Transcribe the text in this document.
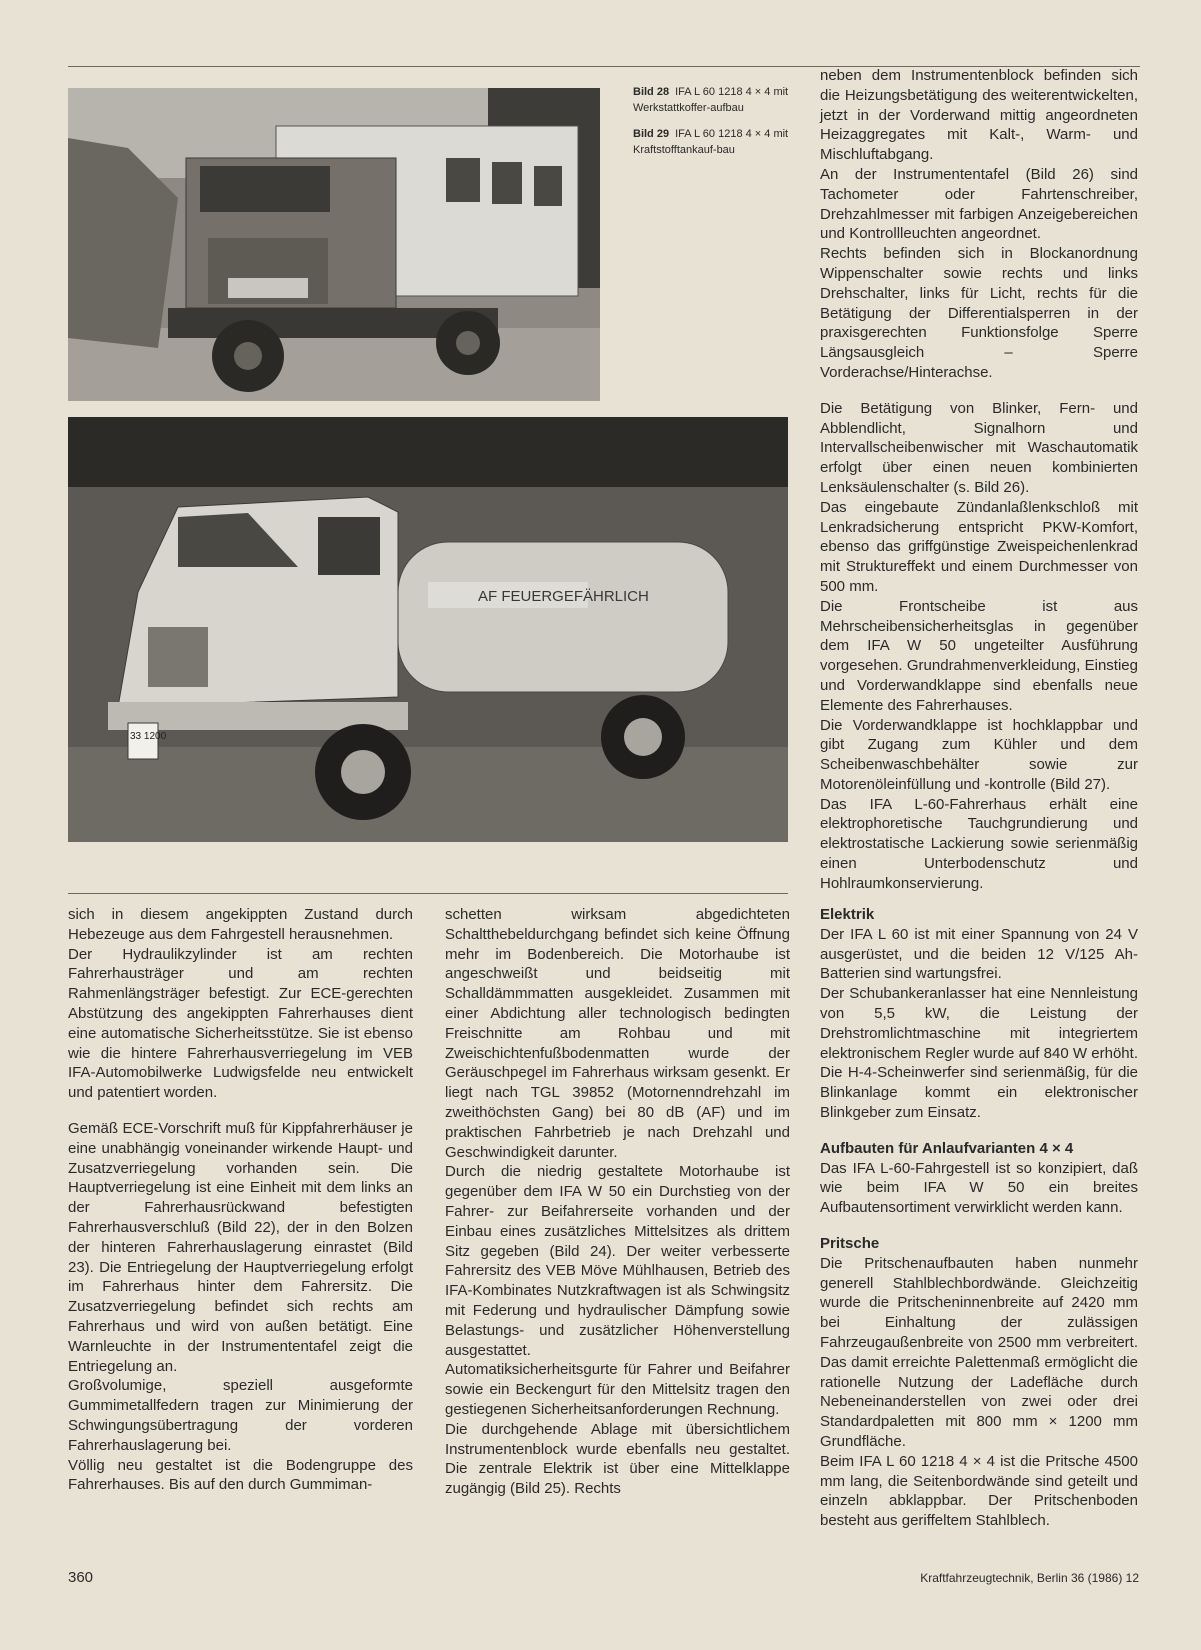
Bild 28 IFA L 60 1218 4 × 4 mit Werkstattkoffer-aufbau
Bild 29 IFA L 60 1218 4 × 4 mit Kraftstofftankauf-bau
AF FEUERGEFÄHRLICH
33 1200

neben dem Instrumentenblock befinden sich die Heizungsbetätigung des weiterentwickelten, jetzt in der Vorderwand mittig angeordneten Heizaggregates mit Kalt-, Warm- und Mischluftabgang.

An der Instrumententafel (Bild 26) sind Tachometer oder Fahrtenschreiber, Drehzahlmesser mit farbigen Anzeigebereichen und Kontrollleuchten angeordnet.

Rechts befinden sich in Blockanordnung Wippenschalter sowie rechts und links Drehschalter, links für Licht, rechts für die Betätigung der Differentialsperren in der praxisgerechten Funktionsfolge Sperre Längsausgleich – Sperre Vorderachse/Hinterachse.

Die Betätigung von Blinker, Fern- und Abblendlicht, Signalhorn und Intervallscheibenwischer mit Waschautomatik erfolgt über einen neuen kombinierten Lenksäulenschalter (s. Bild 26).

Das eingebaute Zündanlaßlenkschloß mit Lenkradsicherung entspricht PKW-Komfort, ebenso das griffgünstige Zweispeichenlenkrad mit Struktureffekt und einem Durchmesser von 500 mm.

Die Frontscheibe ist aus Mehrscheibensicherheitsglas in gegenüber dem IFA W 50 ungeteilter Ausführung vorgesehen. Grundrahmenverkleidung, Einstieg und Vorderwandklappe sind ebenfalls neue Elemente des Fahrerhauses.

Die Vorderwandklappe ist hochklappbar und gibt Zugang zum Kühler und dem Scheibenwaschbehälter sowie zur Motorenöleinfüllung und -kontrolle (Bild 27).

Das IFA L-60-Fahrerhaus erhält eine elektrophoretische Tauchgrundierung und elektrostatische Lackierung sowie serienmäßig einen Unterbodenschutz und Hohlraumkonservierung.

sich in diesem angekippten Zustand durch Hebezeuge aus dem Fahrgestell herausnehmen.

Der Hydraulikzylinder ist am rechten Fahrerhausträger und am rechten Rahmenlängsträger befestigt. Zur ECE-gerechten Abstützung des angekippten Fahrerhauses dient eine automatische Sicherheitsstütze. Sie ist ebenso wie die hintere Fahrerhausverriegelung im VEB IFA-Automobilwerke Ludwigsfelde neu entwickelt und patentiert worden.

Gemäß ECE-Vorschrift muß für Kippfahrerhäuser je eine unabhängig voneinander wirkende Haupt- und Zusatzverriegelung vorhanden sein. Die Hauptverriegelung ist eine Einheit mit dem links an der Fahrerhausrückwand befestigten Fahrerhausverschluß (Bild 22), der in den Bolzen der hinteren Fahrerhauslagerung einrastet (Bild 23). Die Entriegelung der Hauptverriegelung erfolgt im Fahrerhaus hinter dem Fahrersitz. Die Zusatzverriegelung befindet sich rechts am Fahrerhaus und wird von außen betätigt. Eine Warnleuchte in der Instrumententafel zeigt die Entriegelung an.

Großvolumige, speziell ausgeformte Gummimetallfedern tragen zur Minimierung der Schwingungsübertragung der vorderen Fahrerhauslagerung bei.

Völlig neu gestaltet ist die Bodengruppe des Fahrerhauses. Bis auf den durch Gummiman-

schetten wirksam abgedichteten Schaltthebeldurchgang befindet sich keine Öffnung mehr im Bodenbereich. Die Motorhaube ist angeschweißt und beidseitig mit Schalldämmmatten ausgekleidet. Zusammen mit einer Abdichtung aller technologisch bedingten Freischnitte am Rohbau und mit Zweischichtenfußbodenmatten wurde der Geräuschpegel im Fahrerhaus wirksam gesenkt. Er liegt nach TGL 39852 (Motornenndrehzahl im zweithöchsten Gang) bei 80 dB (AF) und im praktischen Fahrbetrieb je nach Drehzahl und Geschwindigkeit darunter.

Durch die niedrig gestaltete Motorhaube ist gegenüber dem IFA W 50 ein Durchstieg von der Fahrer- zur Beifahrerseite vorhanden und der Einbau eines zusätzliches Mittelsitzes als drittem Sitz gegeben (Bild 24). Der weiter verbesserte Fahrersitz des VEB Möve Mühlhausen, Betrieb des IFA-Kombinates Nutzkraftwagen ist als Schwingsitz mit Federung und hydraulischer Dämpfung sowie Belastungs- und zusätzlicher Höhenverstellung ausgestattet.

Automatiksicherheitsgurte für Fahrer und Beifahrer sowie ein Beckengurt für den Mittelsitz tragen den gestiegenen Sicherheitsanforderungen Rechnung.

Die durchgehende Ablage mit übersichtlichem Instrumentenblock wurde ebenfalls neu gestaltet. Die zentrale Elektrik ist über eine Mittelklappe zugängig (Bild 25). Rechts

Elektrik

Der IFA L 60 ist mit einer Spannung von 24 V ausgerüstet, und die beiden 12 V/125 Ah-Batterien sind wartungsfrei.

Der Schubankeranlasser hat eine Nennleistung von 5,5 kW, die Leistung der Drehstromlichtmaschine mit integriertem elektronischem Regler wurde auf 840 W erhöht. Die H-4-Scheinwerfer sind serienmäßig, für die Blinkanlage kommt ein elektronischer Blinkgeber zum Einsatz.

Aufbauten für Anlaufvarianten 4 × 4

Das IFA L-60-Fahrgestell ist so konzipiert, daß wie beim IFA W 50 ein breites Aufbautensortiment verwirklicht werden kann.

Pritsche

Die Pritschenaufbauten haben nunmehr generell Stahlblechbordwände. Gleichzeitig wurde die Pritscheninnenbreite auf 2420 mm bei Einhaltung der zulässigen Fahrzeugaußenbreite von 2500 mm verbreitert. Das damit erreichte Palettenmaß ermöglicht die rationelle Nutzung der Ladefläche durch Nebeneinanderstellen von zwei oder drei Standardpaletten mit 800 mm × 1200 mm Grundfläche.

Beim IFA L 60 1218 4 × 4 ist die Pritsche 4500 mm lang, die Seitenbordwände sind geteilt und einzeln abklappbar. Der Pritschenboden besteht aus geriffeltem Stahlblech.

360	Kraftfahrzeugtechnik, Berlin 36 (1986) 12
